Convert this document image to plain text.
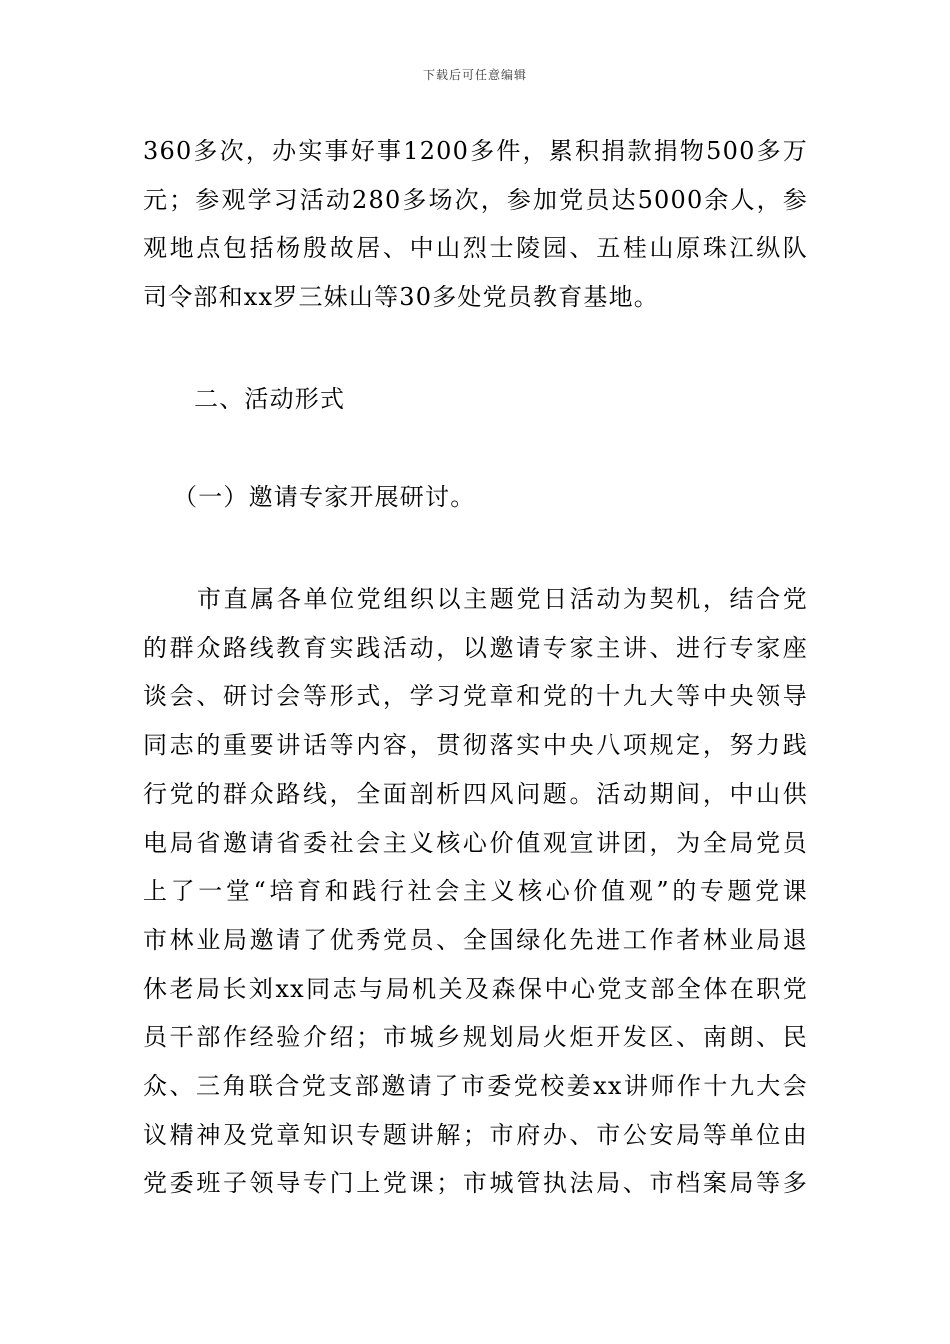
下载后可任意编辑
360多次，办实事好事1200多件，累积捐款捐物500多万
元；参观学习活动280多场次，参加党员达5000余人，参
观地点包括杨殷故居、中山烈士陵园、五桂山原珠江纵队
司令部和xx罗三妹山等30多处党员教育基地。
二、活动形式
（一）邀请专家开展研讨。
市直属各单位党组织以主题党日活动为契机，结合党
的群众路线教育实践活动，以邀请专家主讲、进行专家座
谈会、研讨会等形式，学习党章和党的十九大等中央领导
同志的重要讲话等内容，贯彻落实中央八项规定，努力践
行党的群众路线，全面剖析四风问题。活动期间，中山供
电局省邀请省委社会主义核心价值观宣讲团，为全局党员
上了一堂“培育和践行社会主义核心价值观”的专题党课
市林业局邀请了优秀党员、全国绿化先进工作者林业局退
休老局长刘xx同志与局机关及森保中心党支部全体在职党
员干部作经验介绍；市城乡规划局火炬开发区、南朗、民
众、三角联合党支部邀请了市委党校姜xx讲师作十九大会
议精神及党章知识专题讲解；市府办、市公安局等单位由
党委班子领导专门上党课；市城管执法局、市档案局等多
